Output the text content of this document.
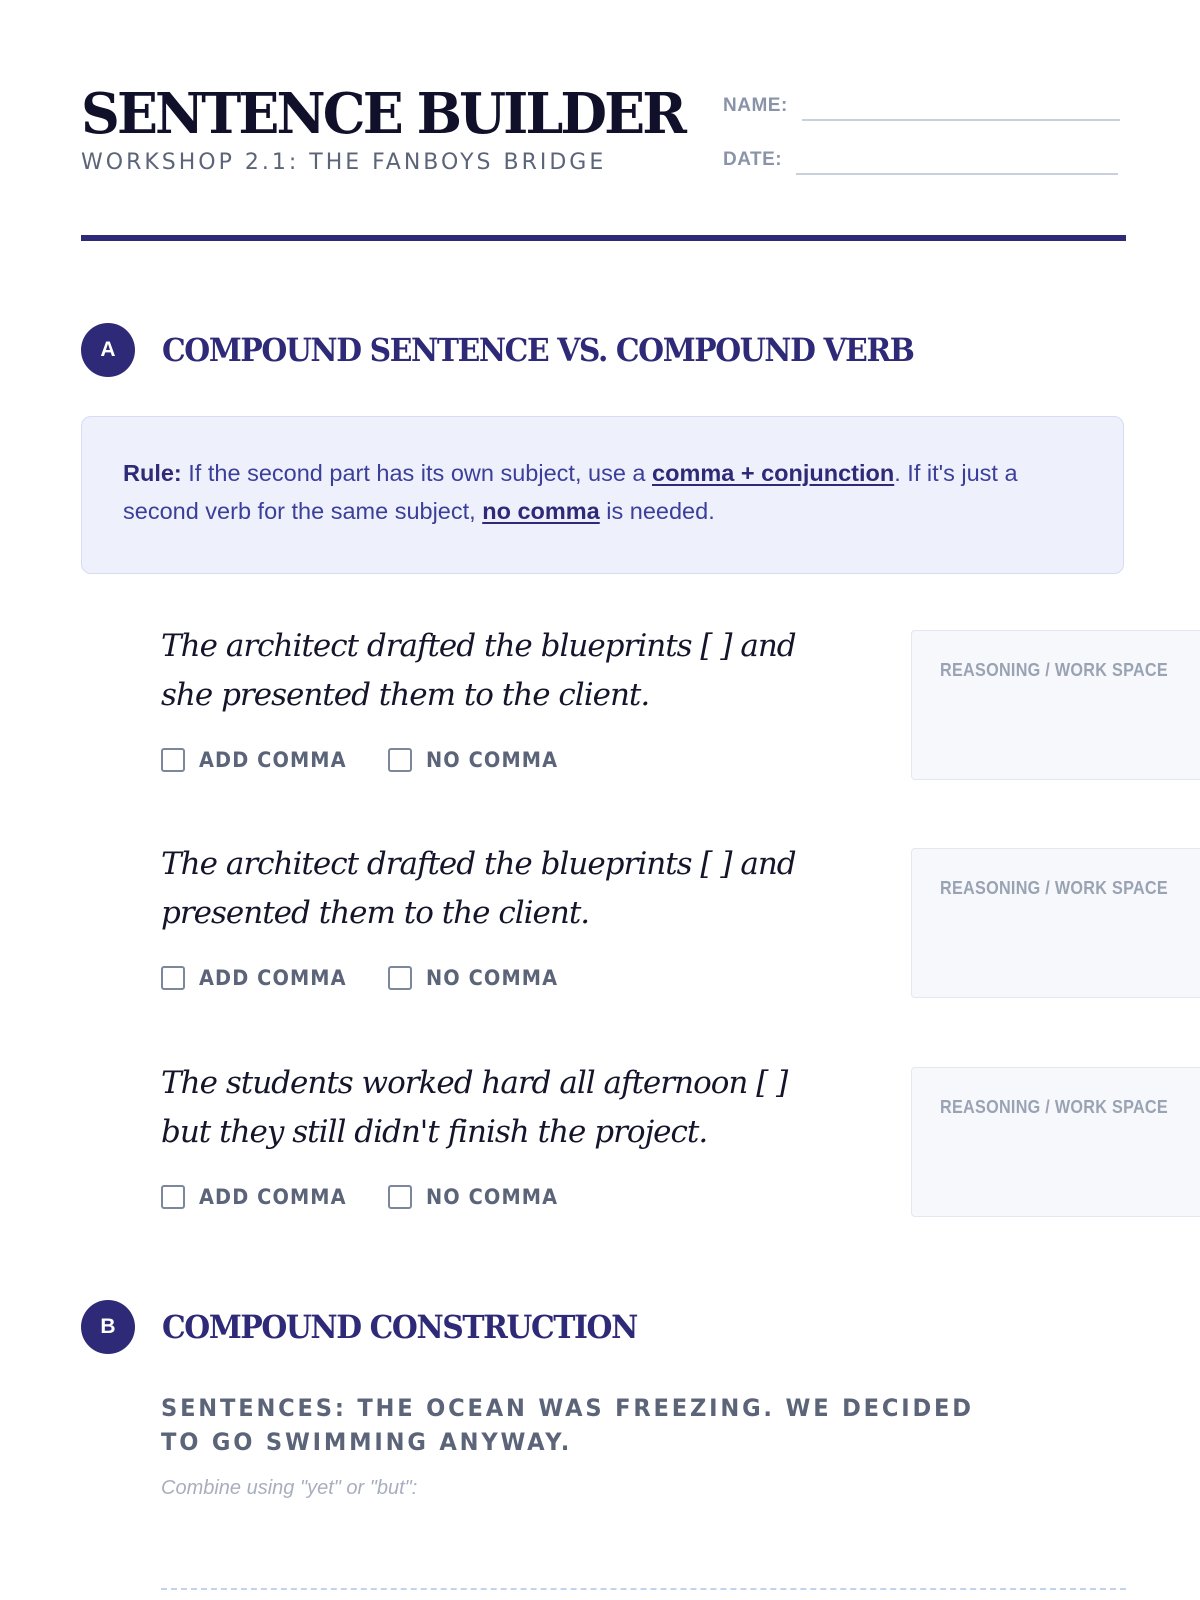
SENTENCE BUILDER
WORKSHOP 2.1: THE FANBOYS BRIDGE
NAME:
DATE:
A	COMPOUND SENTENCE VS. COMPOUND VERB
Rule: If the second part has its own subject, use a comma + conjunction. If it's just a second verb for the same subject, no comma is needed.
The architect drafted the blueprints [ ] and she presented them to the client.
ADD COMMA	NO COMMA
REASONING / WORK SPACE
The architect drafted the blueprints [ ] and presented them to the client.
ADD COMMA	NO COMMA
REASONING / WORK SPACE
The students worked hard all afternoon [ ] but they still didn't finish the project.
ADD COMMA	NO COMMA
REASONING / WORK SPACE
B	COMPOUND CONSTRUCTION
SENTENCES: THE OCEAN WAS FREEZING. WE DECIDED TO GO SWIMMING ANYWAY.
Combine using "yet" or "but":
